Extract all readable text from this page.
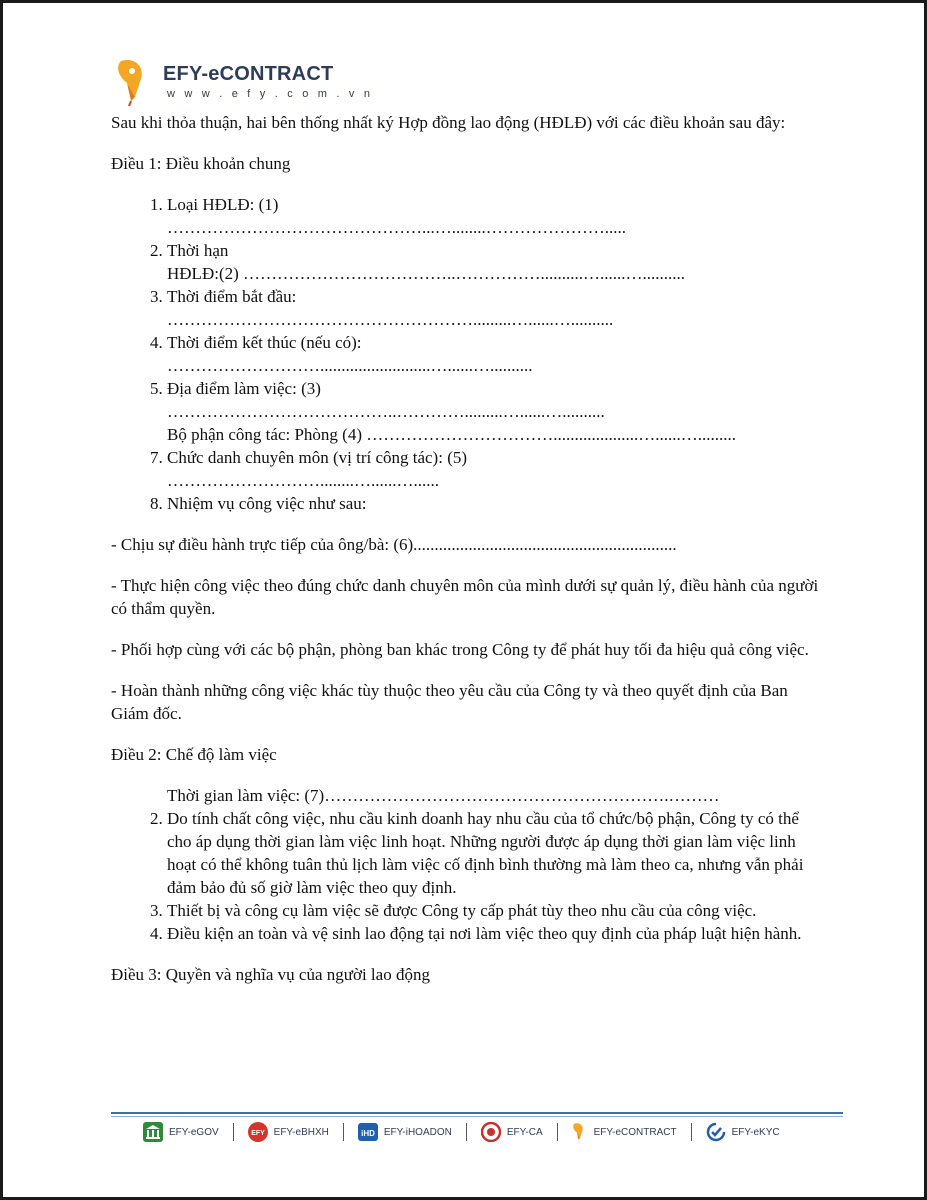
EFY-eCONTRACT
w w w . e f y . c o m . v n

Sau khi thỏa thuận, hai bên thống nhất ký Hợp đồng lao động (HĐLĐ) với các điều khoản sau đây:

Điều 1: Điều khoản chung

1. Loại HĐLĐ: (1)
………………………………………...…........………………….....
2. Thời hạn
HĐLĐ:(2) ………………………………..……………..........…......…..........
3. Thời điểm bắt đầu:
……………………………………………….........…......…..........
4. Thời điểm kết thúc (nếu có):
………………………..........................…......…..........
5. Địa điểm làm việc: (3)
…………………………………..………….........…......…..........
6. Bộ phận công tác: Phòng (4) ……………………………....................…......….........
7. Chức danh chuyên môn (vị trí công tác): (5)
………………………........…......…......
8. Nhiệm vụ công việc như sau:

- Chịu sự điều hành trực tiếp của ông/bà: (6)..............................................................

- Thực hiện công việc theo đúng chức danh chuyên môn của mình dưới sự quản lý, điều hành của người có thẩm quyền.

- Phối hợp cùng với các bộ phận, phòng ban khác trong Công ty để phát huy tối đa hiệu quả công việc.

- Hoàn thành những công việc khác tùy thuộc theo yêu cầu của Công ty và theo quyết định của Ban Giám đốc.

Điều 2: Chế độ làm việc

1. Thời gian làm việc: (7)…………………………………………………….………
2. Do tính chất công việc, nhu cầu kinh doanh hay nhu cầu của tổ chức/bộ phận, Công ty có thể cho áp dụng thời gian làm việc linh hoạt. Những người được áp dụng thời gian làm việc linh hoạt có thể không tuân thủ lịch làm việc cố định bình thường mà làm theo ca, nhưng vẫn phải đảm bảo đủ số giờ làm việc theo quy định.
3. Thiết bị và công cụ làm việc sẽ được Công ty cấp phát tùy theo nhu cầu của công việc.
4. Điều kiện an toàn và vệ sinh lao động tại nơi làm việc theo quy định của pháp luật hiện hành.

Điều 3: Quyền và nghĩa vụ của người lao động

EFY-eGOV	EFY EFY-eBHXH	iHD EFY-iHOADON	EFY-CA	EFY-eCONTRACT	EFY-eKYC
